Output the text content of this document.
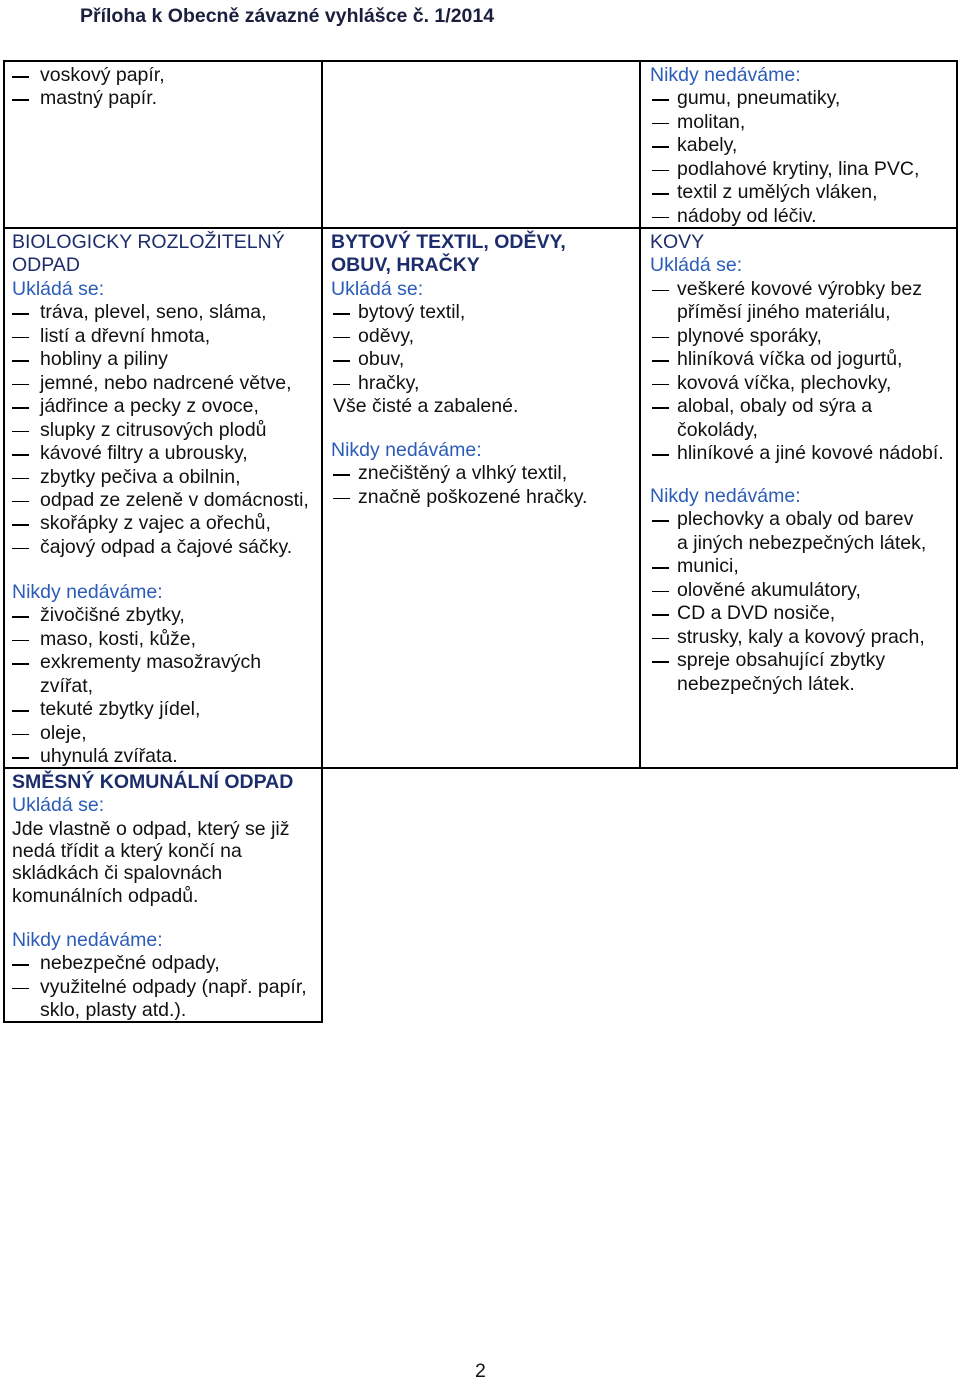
Příloha k Obecně závazné vyhlášce č. 1/2014
voskový papír,
mastný papír.
BIOLOGICKY ROZLOŽITELNÝ
ODPAD
Ukládá se:
tráva, plevel, seno, sláma,
listí a dřevní hmota,
hobliny a piliny
jemné, nebo nadrcené větve,
jádřince a pecky z ovoce,
slupky z citrusových plodů
kávové filtry a ubrousky,
zbytky pečiva a obilnin,
odpad ze zeleně v domácnosti,
skořápky z vajec a ořechů,
čajový odpad a čajové sáčky.
Nikdy nedáváme:
živočišné zbytky,
maso, kosti, kůže,
exkrementy masožravých
zvířat,
tekuté zbytky jídel,
oleje,
uhynulá zvířata.
SMĚSNÝ KOMUNÁLNÍ ODPAD
Ukládá se:
Jde vlastně o odpad, který se již
nedá třídit a který končí na
skládkách či spalovnách
komunálních odpadů.
Nikdy nedáváme:
nebezpečné odpady,
využitelné odpady (např. papír,
sklo, plasty atd.).
BYTOVÝ TEXTIL, ODĚVY,
OBUV, HRAČKY
Ukládá se:
bytový textil,
oděvy,
obuv,
hračky,
Vše čisté a zabalené.
Nikdy nedáváme:
znečištěný a vlhký textil,
značně poškozené hračky.
Nikdy nedáváme:
gumu, pneumatiky,
molitan,
kabely,
podlahové krytiny, lina PVC,
textil z umělých vláken,
nádoby od léčiv.
KOVY
Ukládá se:
veškeré kovové výrobky bez
příměsí jiného materiálu,
plynové sporáky,
hliníková víčka od jogurtů,
kovová víčka, plechovky,
alobal, obaly od sýra a
čokolády,
hliníkové a jiné kovové nádobí.
Nikdy nedáváme:
plechovky a obaly od barev
a jiných nebezpečných látek,
munici,
olověné akumulátory,
CD a DVD nosiče,
strusky, kaly a kovový prach,
spreje obsahující zbytky
nebezpečných látek.
2
